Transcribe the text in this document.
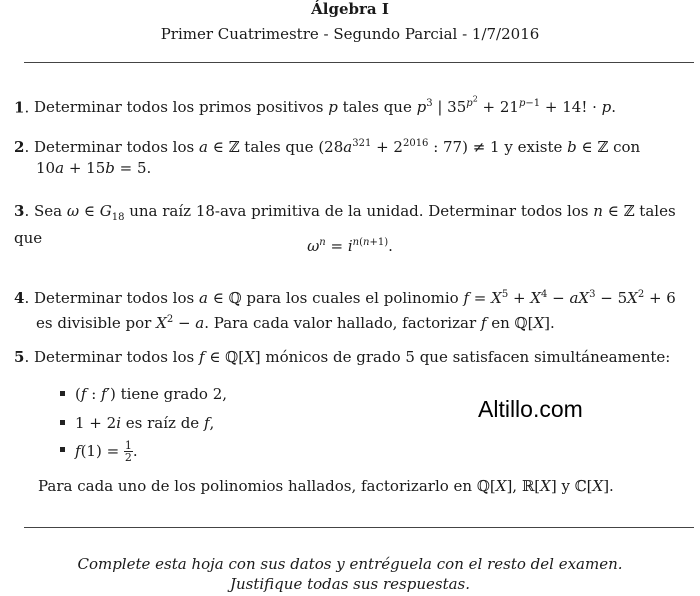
Álgebra I
Primer Cuatrimestre - Segundo Parcial - 1/7/2016
1. Determinar todos los primos positivos p tales que $p^3$ | $35^{p^2} + 21^{p-1} + 14$! · p.
2. Determinar todos los a ∈ ℤ tales que ($28a^{321} + 2^{2016}$ : 77) ≠ 1 y existe b ∈ ℤ con
10a + 15b = 5.
3. Sea ω ∈ $G_{18}$ una raíz 18-ava primitiva de la unidad. Determinar todos los n ∈ ℤ tales que	$\omega^n = i^{n(n+1)}$.
4. Determinar todos los a ∈ ℚ para los cuales el polinomio $f = X^5 + X^4 - aX^3 - 5X^2 + 6$
es divisible por $X^2 - a$. Para cada valor hallado, factorizar f en ℚ[X].
5. Determinar todos los f ∈ ℚ[X] mónicos de grado 5 que satisfacen simultáneamente:
(f : f′) tiene grado 2,
1 + 2i es raíz de f,
$f(1) = \frac{1}{2}$ .
Para cada uno de los polinomios hallados, factorizarlo en ℚ[X], ℝ[X] y ℂ[X].
Altillo.com
Complete esta hoja con sus datos y entréguela con el resto del examen.
Justifique todas sus respuestas.
